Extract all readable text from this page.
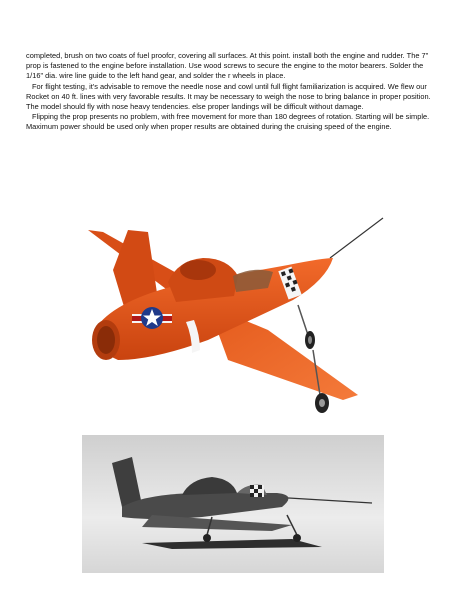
completed, brush on two coats of fuel proofcr, covering all surfaces. At this point. install both the engine and rudder. The 7" prop is fastened to the engine before installation. Use wood screws to secure the engine to the motor bearers. Solder the 1/16" dia. wire line guide to the left hand gear, and solder the r wheels in place.

For flight testing, it's advisable to remove the needle nose and cowl until full flight familiarization is acquired. We flew our Rocket on 40 ft. lines with very favorable results. It may be necessary to weigh the nose to bring balance in proper position. The model should fly with nose heavy tendencies. else proper landings will be difficult without damage.

Flipping the prop presents no problem, with free movement for more than 180 degrees of rotation. Starting will be simple. Maximum power should be used only when proper results are obtained during the cruising speed of the engine.
